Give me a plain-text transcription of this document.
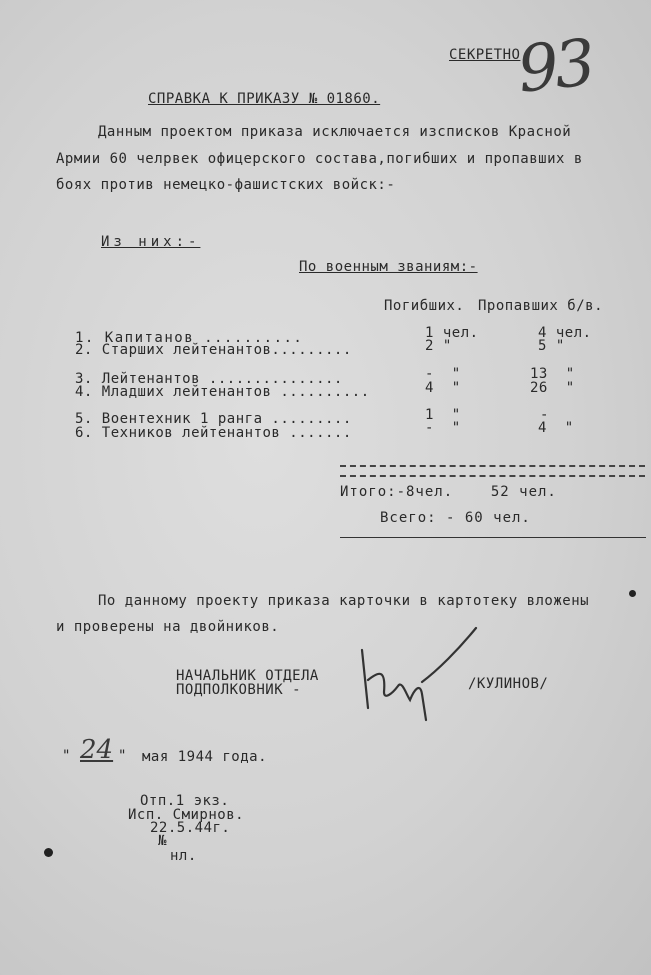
СЕКРЕТНО
93
СПРАВКА К ПРИКАЗУ № 01860.
Данным проектом приказа исключается изсписков Красной
Армии 60 челрвек офицерского состава,погибших и пропавших в
боях против немецко-фашистских войск:-
Из них:-
По военным званиям:-
Погибших. Пропавших б/в.
1. Капитанов ..........	1 чел.	4 чел.
2. Старших лейтенантов.........	2 "	5 "
3. Лейтенантов ...............	-  "	13  "
4. Младших лейтенантов ..........	4  "	26  "
5. Воентехник 1 ранга .........	1  "	-
6. Техников лейтенантов .......	-  "	4  "
Итого:-8чел.    52 чел.
Всего: - 60 чел.
По данному проекту приказа карточки в картотеку вложены
и проверены на двойников.
НАЧАЛЬНИК ОТДЕЛА
ПОДПОЛКОВНИК -	/КУЛИНОВ/
" 24 " мая 1944 года.
Отп.1 экз.
Исп. Смирнов.
22.5.44г.
№
нл.
